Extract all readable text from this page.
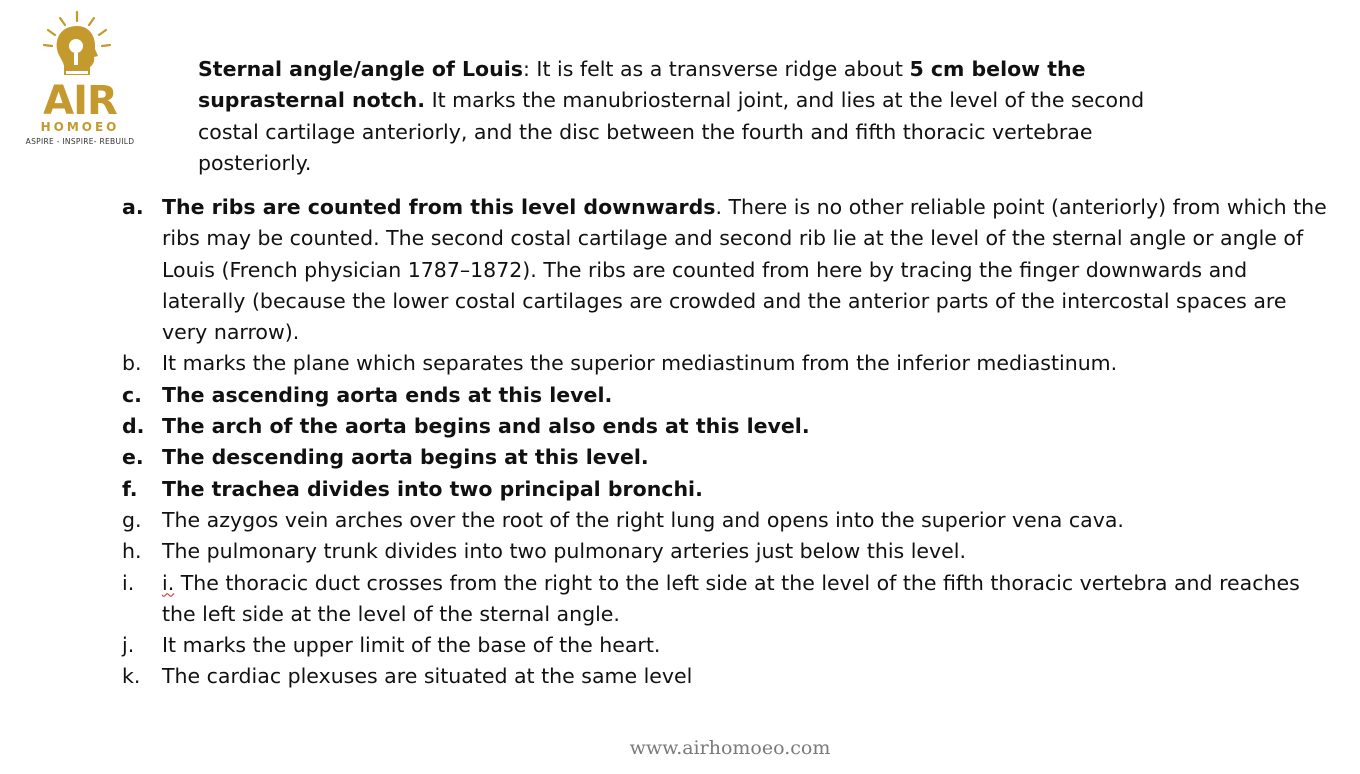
AIR
HOMOEO
ASPIRE - INSPIRE- REBUILD

Sternal angle/angle of Louis: It is felt as a transverse ridge about 5 cm below the suprasternal notch. It marks the manubriosternal joint, and lies at the level of the second costal cartilage anteriorly, and the disc between the fourth and fifth thoracic vertebrae posteriorly.

a. The ribs are counted from this level downwards. There is no other reliable point (anteriorly) from which the ribs may be counted. The second costal cartilage and second rib lie at the level of the sternal angle or angle of Louis (French physician 1787–1872). The ribs are counted from here by tracing the finger downwards and laterally (because the lower costal cartilages are crowded and the anterior parts of the intercostal spaces are very narrow).
b. It marks the plane which separates the superior mediastinum from the inferior mediastinum.
c. The ascending aorta ends at this level.
d. The arch of the aorta begins and also ends at this level.
e. The descending aorta begins at this level.
f. The trachea divides into two principal bronchi.
g. The azygos vein arches over the root of the right lung and opens into the superior vena cava.
h. The pulmonary trunk divides into two pulmonary arteries just below this level.
i. i. The thoracic duct crosses from the right to the left side at the level of the fifth thoracic vertebra and reaches the left side at the level of the sternal angle.
j. It marks the upper limit of the base of the heart.
k. The cardiac plexuses are situated at the same level
www.airhomoeo.com
